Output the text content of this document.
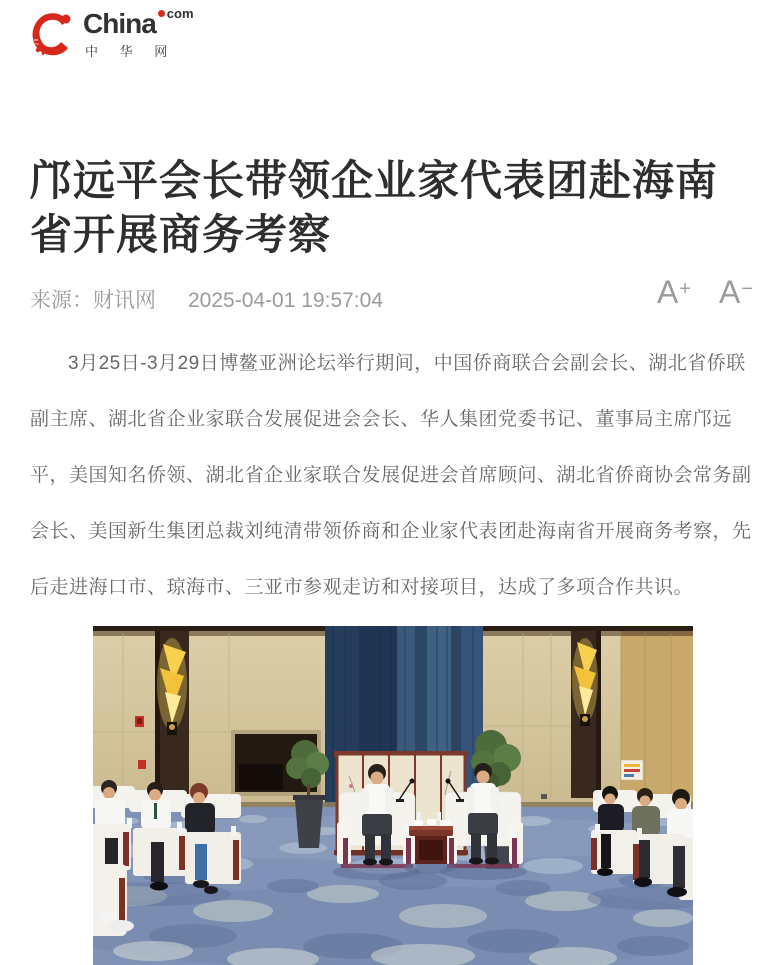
China com
中 华 网
邝远平会长带领企业家代表团赴海南省开展商务考察
来源：财讯网 2025-04-01 19:57:04	A+ A−

3月25日-3月29日博鳌亚洲论坛举行期间，中国侨商联合会副会长、湖北省侨联副主席、湖北省企业家联合发展促进会会长、华人集团党委书记、董事局主席邝远平，美国知名侨领、湖北省企业家联合发展促进会首席顾问、湖北省侨商协会常务副会长、美国新生集团总裁刘纯清带领侨商和企业家代表团赴海南省开展商务考察，先后走进海口市、琼海市、三亚市参观走访和对接项目，达成了多项合作共识。
